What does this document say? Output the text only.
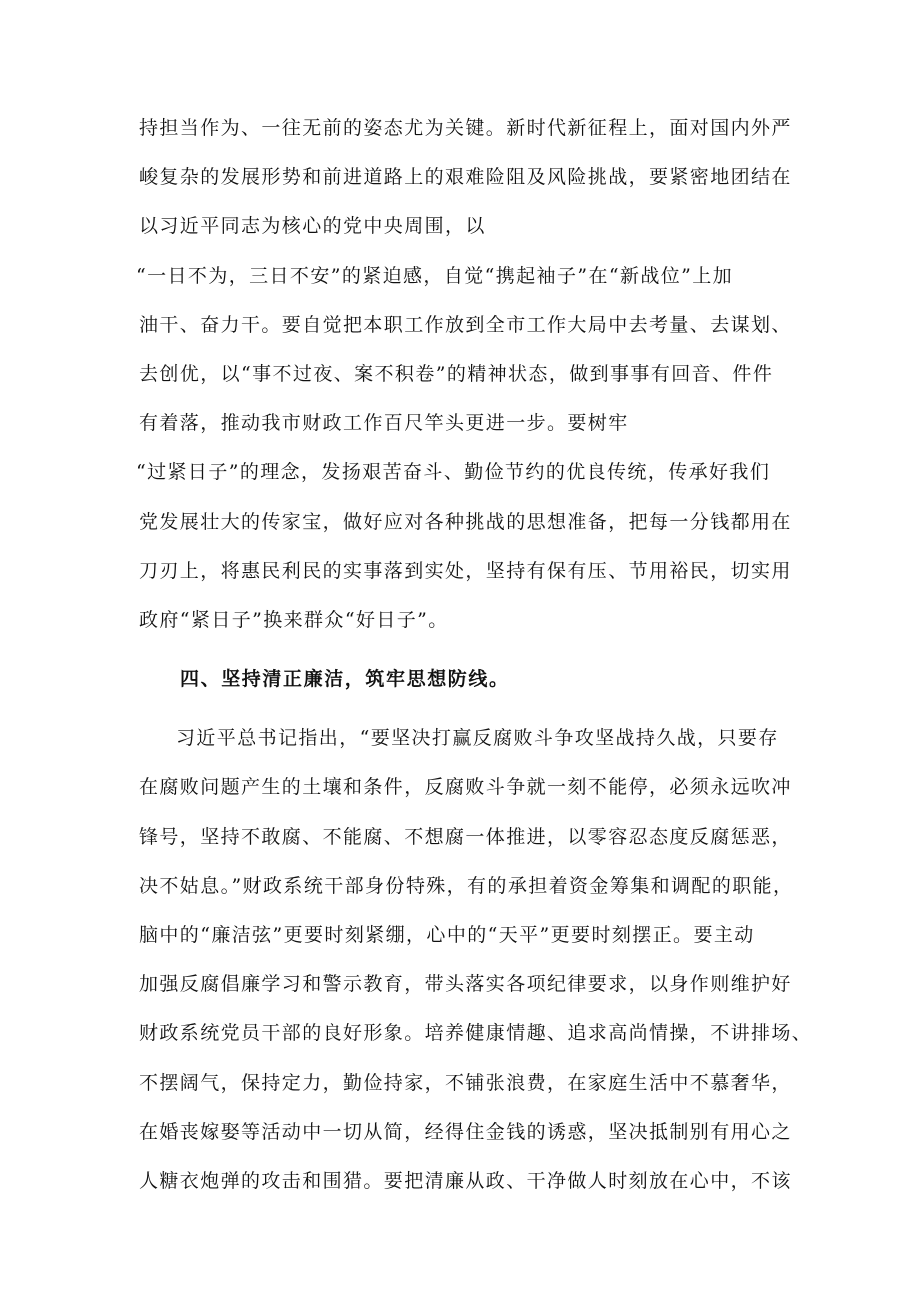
持担当作为、一往无前的姿态尤为关键。新时代新征程上，面对国内外严
峻复杂的发展形势和前进道路上的艰难险阻及风险挑战，要紧密地团结在
以习近平同志为核心的党中央周围，以
“一日不为，三日不安”的紧迫感，自觉“携起袖子”在“新战位”上加
油干、奋力干。要自觉把本职工作放到全市工作大局中去考量、去谋划、
去创优，以“事不过夜、案不积卷”的精神状态，做到事事有回音、件件
有着落，推动我市财政工作百尺竿头更进一步。要树牢
“过紧日子”的理念，发扬艰苦奋斗、勤俭节约的优良传统，传承好我们
党发展壮大的传家宝，做好应对各种挑战的思想准备，把每一分钱都用在
刀刃上，将惠民利民的实事落到实处，坚持有保有压、节用裕民，切实用
政府“紧日子”换来群众“好日子”。
四、坚持清正廉洁，筑牢思想防线。
习近平总书记指出，“要坚决打赢反腐败斗争攻坚战持久战，只要存
在腐败问题产生的土壤和条件，反腐败斗争就一刻不能停，必须永远吹冲
锋号，坚持不敢腐、不能腐、不想腐一体推进，以零容忍态度反腐惩恶，
决不姑息。”财政系统干部身份特殊，有的承担着资金筹集和调配的职能，
脑中的“廉洁弦”更要时刻紧绷，心中的“天平”更要时刻摆正。要主动
加强反腐倡廉学习和警示教育，带头落实各项纪律要求，以身作则维护好
财政系统党员干部的良好形象。培养健康情趣、追求高尚情操，不讲排场、
不摆阔气，保持定力，勤俭持家，不铺张浪费，在家庭生活中不慕奢华，
在婚丧嫁娶等活动中一切从简，经得住金钱的诱惑，坚决抵制别有用心之
人糖衣炮弹的攻击和围猎。要把清廉从政、干净做人时刻放在心中，不该
